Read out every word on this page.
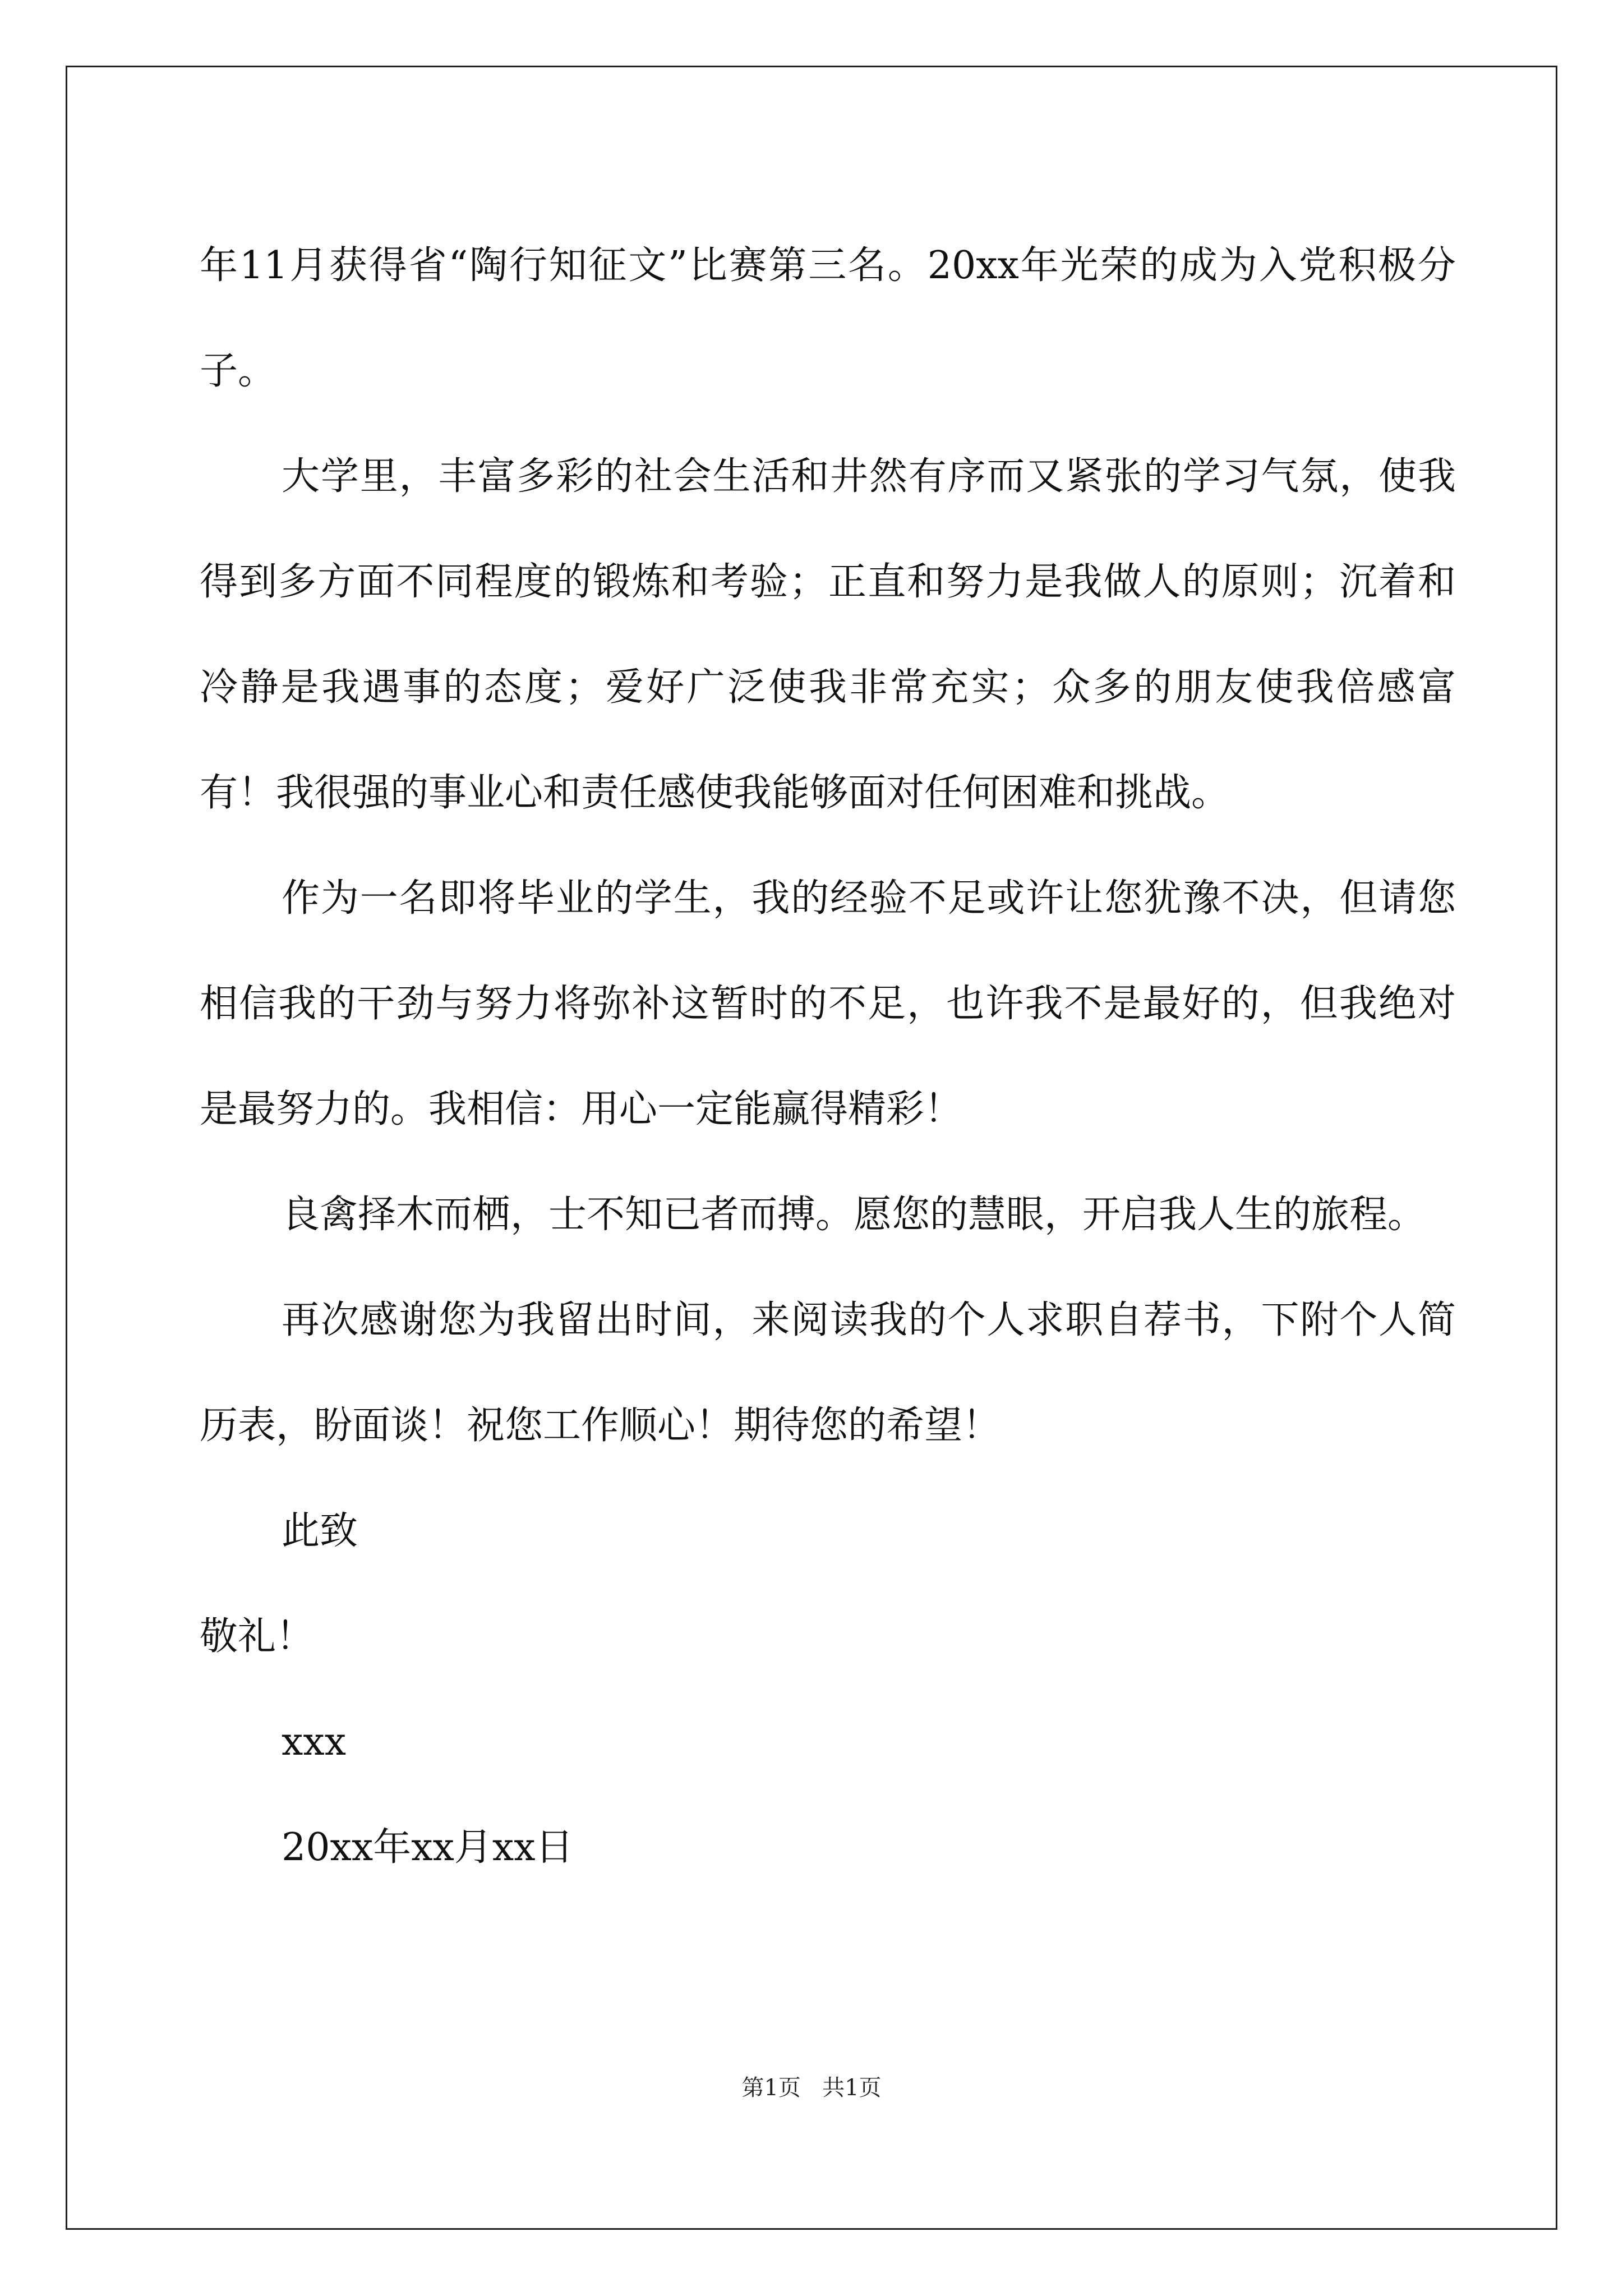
年11月获得省“陶行知征文”比赛第三名。20xx年光荣的成为入党积极分子。

大学里，丰富多彩的社会生活和井然有序而又紧张的学习气氛，使我得到多方面不同程度的锻炼和考验；正直和努力是我做人的原则；沉着和冷静是我遇事的态度；爱好广泛使我非常充实；众多的朋友使我倍感富有！我很强的事业心和责任感使我能够面对任何困难和挑战。

作为一名即将毕业的学生，我的经验不足或许让您犹豫不决，但请您相信我的干劲与努力将弥补这暂时的不足，也许我不是最好的，但我绝对是最努力的。我相信：用心一定能赢得精彩！

良禽择木而栖，士不知已者而搏。愿您的慧眼，开启我人生的旅程。

再次感谢您为我留出时间，来阅读我的个人求职自荐书，下附个人简历表，盼面谈！祝您工作顺心！期待您的希望！

此致

敬礼！

xxx

20xx年xx月xx日

第1页 共1页
